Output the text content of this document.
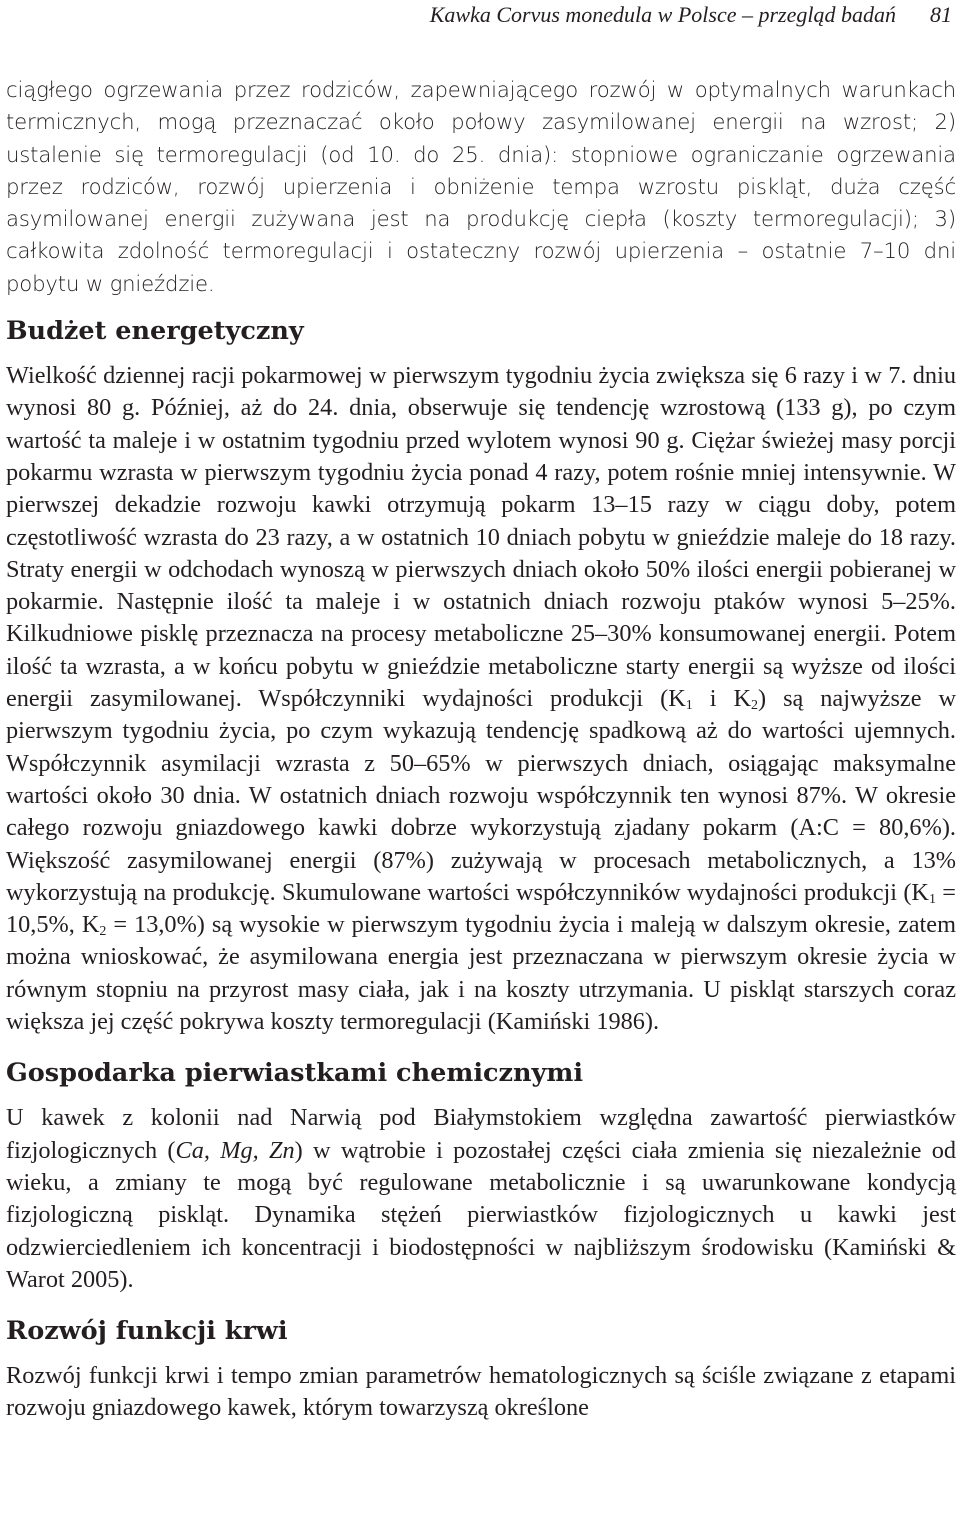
Kawka Corvus monedula w Polsce – przegląd badań 81

ciągłego ogrzewania przez rodziców, zapewniającego rozwój w optymalnych warunkach termicznych, mogą przeznaczać około połowy zasymilowanej energii na wzrost; 2) ustalenie się termoregulacji (od 10. do 25. dnia): stopniowe ograniczanie ogrzewania przez rodziców, rozwój upierzenia i obniżenie tempa wzrostu piskląt, duża część asymilowanej energii zużywana jest na produkcję ciepła (koszty termoregulacji); 3) całkowita zdolność termoregulacji i ostateczny rozwój upierzenia – ostatnie 7–10 dni pobytu w gnieździe.

Budżet energetyczny

Wielkość dziennej racji pokarmowej w pierwszym tygodniu życia zwiększa się 6 razy i w 7. dniu wynosi 80 g. Później, aż do 24. dnia, obserwuje się tendencję wzrostową (133 g), po czym wartość ta maleje i w ostatnim tygodniu przed wylotem wynosi 90 g. Ciężar świeżej masy porcji pokarmu wzrasta w pierwszym tygodniu życia ponad 4 razy, potem rośnie mniej intensywnie. W pierwszej dekadzie rozwoju kawki otrzymują pokarm 13–15 razy w ciągu doby, potem częstotliwość wzrasta do 23 razy, a w ostatnich 10 dniach pobytu w gnieździe maleje do 18 razy. Straty energii w odchodach wynoszą w pierwszych dniach około 50% ilości energii pobieranej w pokarmie. Następnie ilość ta maleje i w ostatnich dniach rozwoju ptaków wynosi 5–25%. Kilkudniowe pisklę przeznacza na procesy metaboliczne 25–30% konsumowanej energii. Potem ilość ta wzrasta, a w końcu pobytu w gnieździe metaboliczne starty energii są wyższe od ilości energii zasymilowanej. Współczynniki wydajności produkcji ($K_1$ i $K_2$) są najwyższe w pierwszym tygodniu życia, po czym wykazują tendencję spadkową aż do wartości ujemnych. Współczynnik asymilacji wzrasta z 50–65% w pierwszych dniach, osiągając maksymalne wartości około 30 dnia. W ostatnich dniach rozwoju współczynnik ten wynosi 87%. W okresie całego rozwoju gniazdowego kawki dobrze wykorzystują zjadany pokarm (A:C = 80,6%). Większość zasymilowanej energii (87%) zużywają w procesach metabolicznych, a 13% wykorzystują na produkcję. Skumulowane wartości współczynników wydajności produkcji ($K_1 = 10,5\%$, $K_2 = 13,0\%$) są wysokie w pierwszym tygodniu życia i maleją w dalszym okresie, zatem można wnioskować, że asymilowana energia jest przeznaczana w pierwszym okresie życia w równym stopniu na przyrost masy ciała, jak i na koszty utrzymania. U piskląt starszych coraz większa jej część pokrywa koszty termoregulacji (Kamiński 1986).

Gospodarka pierwiastkami chemicznymi

U kawek z kolonii nad Narwią pod Białymstokiem względna zawartość pierwiastków fizjologicznych (Ca, Mg, Zn) w wątrobie i pozostałej części ciała zmienia się niezależnie od wieku, a zmiany te mogą być regulowane metabolicznie i są uwarunkowane kondycją fizjologiczną piskląt. Dynamika stężeń pierwiastków fizjologicznych u kawki jest odzwierciedleniem ich koncentracji i biodostępności w najbliższym środowisku (Kamiński & Warot 2005).

Rozwój funkcji krwi

Rozwój funkcji krwi i tempo zmian parametrów hematologicznych są ściśle związane z etapami rozwoju gniazdowego kawek, którym towarzyszą określone
